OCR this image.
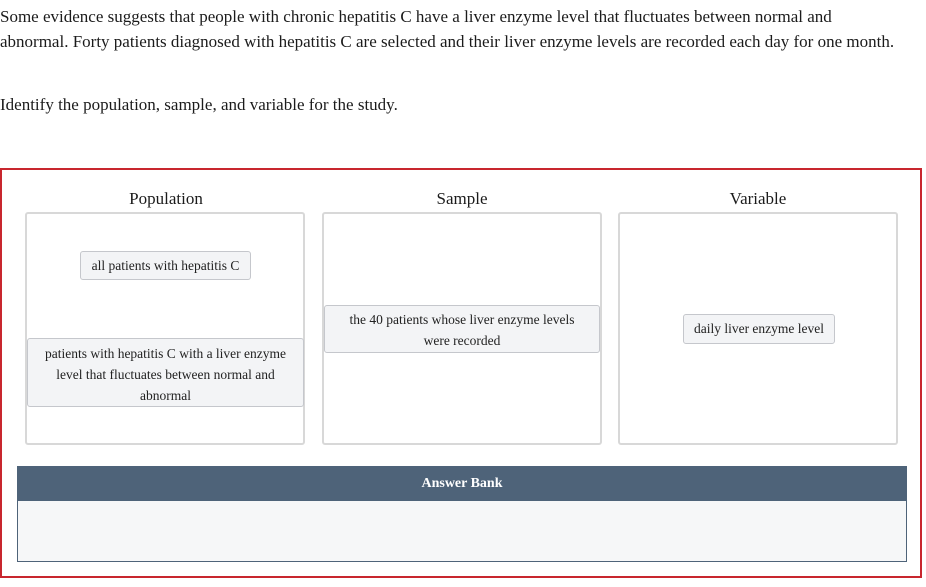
Some evidence suggests that people with chronic hepatitis C have a liver enzyme level that fluctuates between normal and abnormal. Forty patients diagnosed with hepatitis C are selected and their liver enzyme levels are recorded each day for one month.

Identify the population, sample, and variable for the study.

Population
all patients with hepatitis C
patients with hepatitis C with a liver enzyme level that fluctuates between normal and abnormal
Sample
the 40 patients whose liver enzyme levels were recorded
Variable
daily liver enzyme level
Answer Bank
